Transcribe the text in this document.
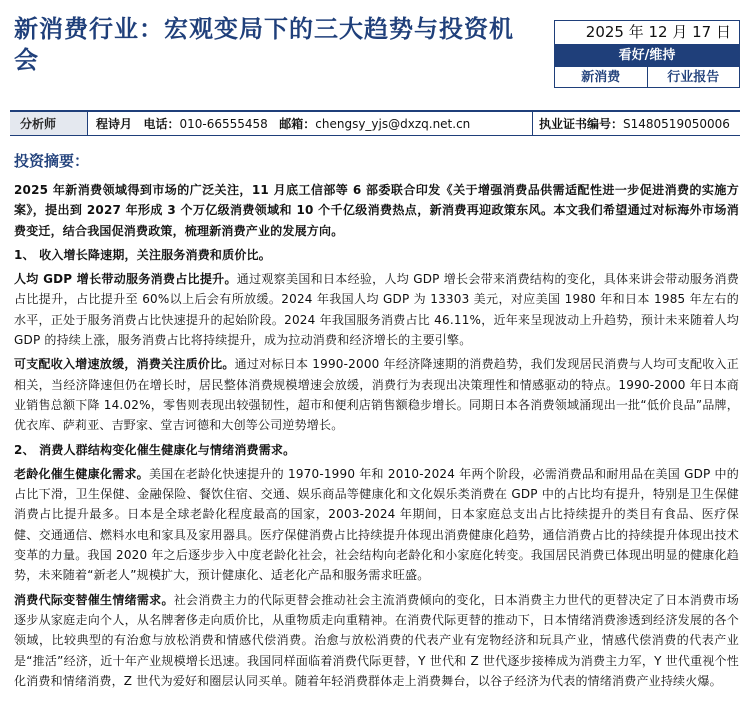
新消费行业：宏观变局下的三大趋势与投资机会
2025 年 12 月 17 日
看好/维持
新消费	行业报告
分析师	程诗月 电话：010-66555458 邮箱：chengsy_yjs@dxzq.net.cn	执业证书编号： S1480519050006
投资摘要：

2025 年新消费领域得到市场的广泛关注，11 月底工信部等 6 部委联合印发《关于增强消费品供需适配性进一步促进消费的实施方案》，提出到 2027 年形成 3 个万亿级消费领域和 10 个千亿级消费热点，新消费再迎政策东风。本文我们希望通过对标海外市场消费变迁，结合我国促消费政策，梳理新消费产业的发展方向。

1、 收入增长降速期，关注服务消费和质价比。

人均 GDP 增长带动服务消费占比提升。通过观察美国和日本经验，人均 GDP 增长会带来消费结构的变化，具体来讲会带动服务消费占比提升，占比提升至 60%以上后会有所放缓。2024 年我国人均 GDP 为 13303 美元，对应美国 1980 年和日本 1985 年左右的水平，正处于服务消费占比快速提升的起始阶段。2024 年我国服务消费占比 46.11%，近年来呈现波动上升趋势，预计未来随着人均 GDP 的持续上涨，服务消费占比将持续提升，成为拉动消费和经济增长的主要引擎。

可支配收入增速放缓，消费关注质价比。通过对标日本 1990-2000 年经济降速期的消费趋势，我们发现居民消费与人均可支配收入正相关，当经济降速但仍在增长时，居民整体消费规模增速会放缓，消费行为表现出决策理性和情感驱动的特点。1990-2000 年日本商业销售总额下降 14.02%，零售则表现出较强韧性，超市和便利店销售额稳步增长。同期日本各消费领域涌现出一批“低价良品”品牌，优衣库、萨莉亚、吉野家、堂吉诃德和大创等公司逆势增长。

2、 消费人群结构变化催生健康化与情绪消费需求。

老龄化催生健康化需求。美国在老龄化快速提升的 1970-1990 年和 2010-2024 年两个阶段，必需消费品和耐用品在美国 GDP 中的占比下滑，卫生保健、金融保险、餐饮住宿、交通、娱乐商品等健康化和文化娱乐类消费在 GDP 中的占比均有提升，特别是卫生保健消费占比提升最多。日本是全球老龄化程度最高的国家，2003-2024 年期间，日本家庭总支出占比持续提升的类目有食品、医疗保健、交通通信、燃料水电和家具及家用器具。医疗保健消费占比持续提升体现出消费健康化趋势，通信消费占比的持续提升体现出技术变革的力量。我国 2020 年之后逐步步入中度老龄化社会，社会结构向老龄化和小家庭化转变。我国居民消费已体现出明显的健康化趋势，未来随着“新老人”规模扩大，预计健康化、适老化产品和服务需求旺盛。

消费代际变替催生情绪需求。社会消费主力的代际更替会推动社会主流消费倾向的变化，日本消费主力世代的更替决定了日本消费市场逐步从家庭走向个人，从名牌奢侈走向质价比，从重物质走向重精神。在消费代际更替的推动下，日本情绪消费渗透到经济发展的各个领域，比较典型的有治愈与放松消费和情感代偿消费。治愈与放松消费的代表产业有宠物经济和玩具产业，情感代偿消费的代表产业是“推活”经济，近十年产业规模增长迅速。我国同样面临着消费代际更替，Y 世代和 Z 世代逐步接棒成为消费主力军，Y 世代重视个性化消费和情绪消费，Z 世代为爱好和圈层认同买单。随着年轻消费群体走上消费舞台，以谷子经济为代表的情绪消费产业持续火爆。
